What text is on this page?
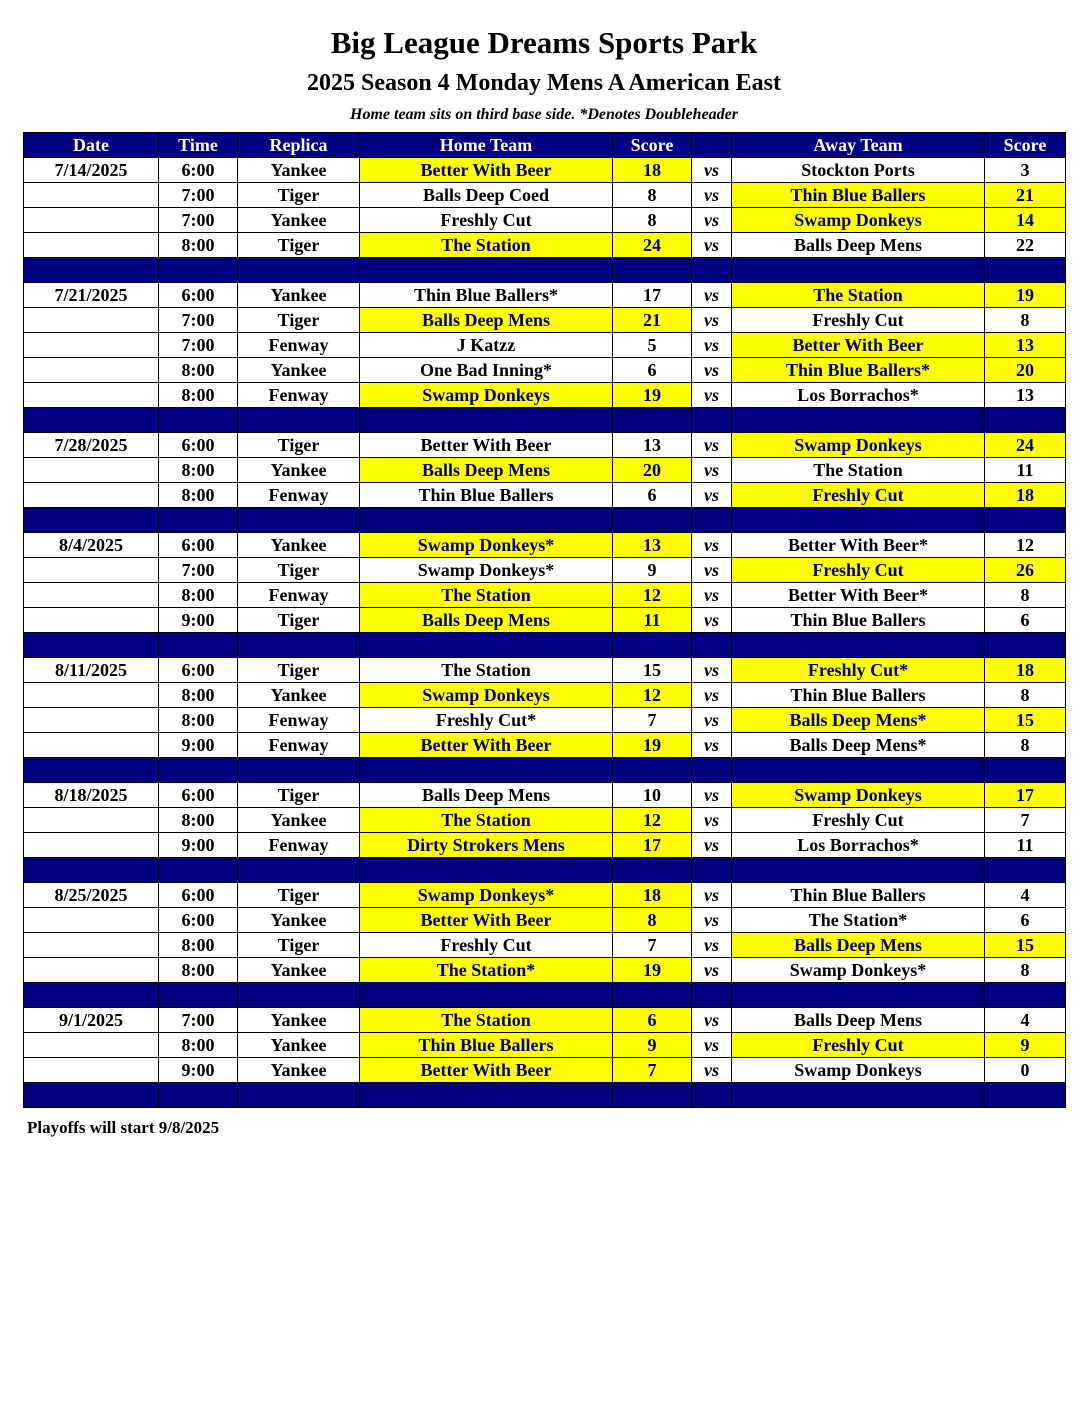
Big League Dreams Sports Park
2025 Season 4 Monday Mens A American East
Home team sits on third base side. *Denotes Doubleheader
Date	Time	Replica	Home Team	Score		Away Team	Score
7/14/2025	6:00	Yankee	Better With Beer	18	vs	Stockton Ports	3
	7:00	Tiger	Balls Deep Coed	8	vs	Thin Blue Ballers	21
	7:00	Yankee	Freshly Cut	8	vs	Swamp Donkeys	14
	8:00	Tiger	The Station	24	vs	Balls Deep Mens	22

7/21/2025	6:00	Yankee	Thin Blue Ballers*	17	vs	The Station	19
	7:00	Tiger	Balls Deep Mens	21	vs	Freshly Cut	8
	7:00	Fenway	J Katzz	5	vs	Better With Beer	13
	8:00	Yankee	One Bad Inning*	6	vs	Thin Blue Ballers*	20
	8:00	Fenway	Swamp Donkeys	19	vs	Los Borrachos*	13

7/28/2025	6:00	Tiger	Better With Beer	13	vs	Swamp Donkeys	24
	8:00	Yankee	Balls Deep Mens	20	vs	The Station	11
	8:00	Fenway	Thin Blue Ballers	6	vs	Freshly Cut	18

8/4/2025	6:00	Yankee	Swamp Donkeys*	13	vs	Better With Beer*	12
	7:00	Tiger	Swamp Donkeys*	9	vs	Freshly Cut	26
	8:00	Fenway	The Station	12	vs	Better With Beer*	8
	9:00	Tiger	Balls Deep Mens	11	vs	Thin Blue Ballers	6

8/11/2025	6:00	Tiger	The Station	15	vs	Freshly Cut*	18
	8:00	Yankee	Swamp Donkeys	12	vs	Thin Blue Ballers	8
	8:00	Fenway	Freshly Cut*	7	vs	Balls Deep Mens*	15
	9:00	Fenway	Better With Beer	19	vs	Balls Deep Mens*	8

8/18/2025	6:00	Tiger	Balls Deep Mens	10	vs	Swamp Donkeys	17
	8:00	Yankee	The Station	12	vs	Freshly Cut	7
	9:00	Fenway	Dirty Strokers Mens	17	vs	Los Borrachos*	11

8/25/2025	6:00	Tiger	Swamp Donkeys*	18	vs	Thin Blue Ballers	4
	6:00	Yankee	Better With Beer	8	vs	The Station*	6
	8:00	Tiger	Freshly Cut	7	vs	Balls Deep Mens	15
	8:00	Yankee	The Station*	19	vs	Swamp Donkeys*	8

9/1/2025	7:00	Yankee	The Station	6	vs	Balls Deep Mens	4
	8:00	Yankee	Thin Blue Ballers	9	vs	Freshly Cut	9
	9:00	Yankee	Better With Beer	7	vs	Swamp Donkeys	0

Playoffs will start 9/8/2025
